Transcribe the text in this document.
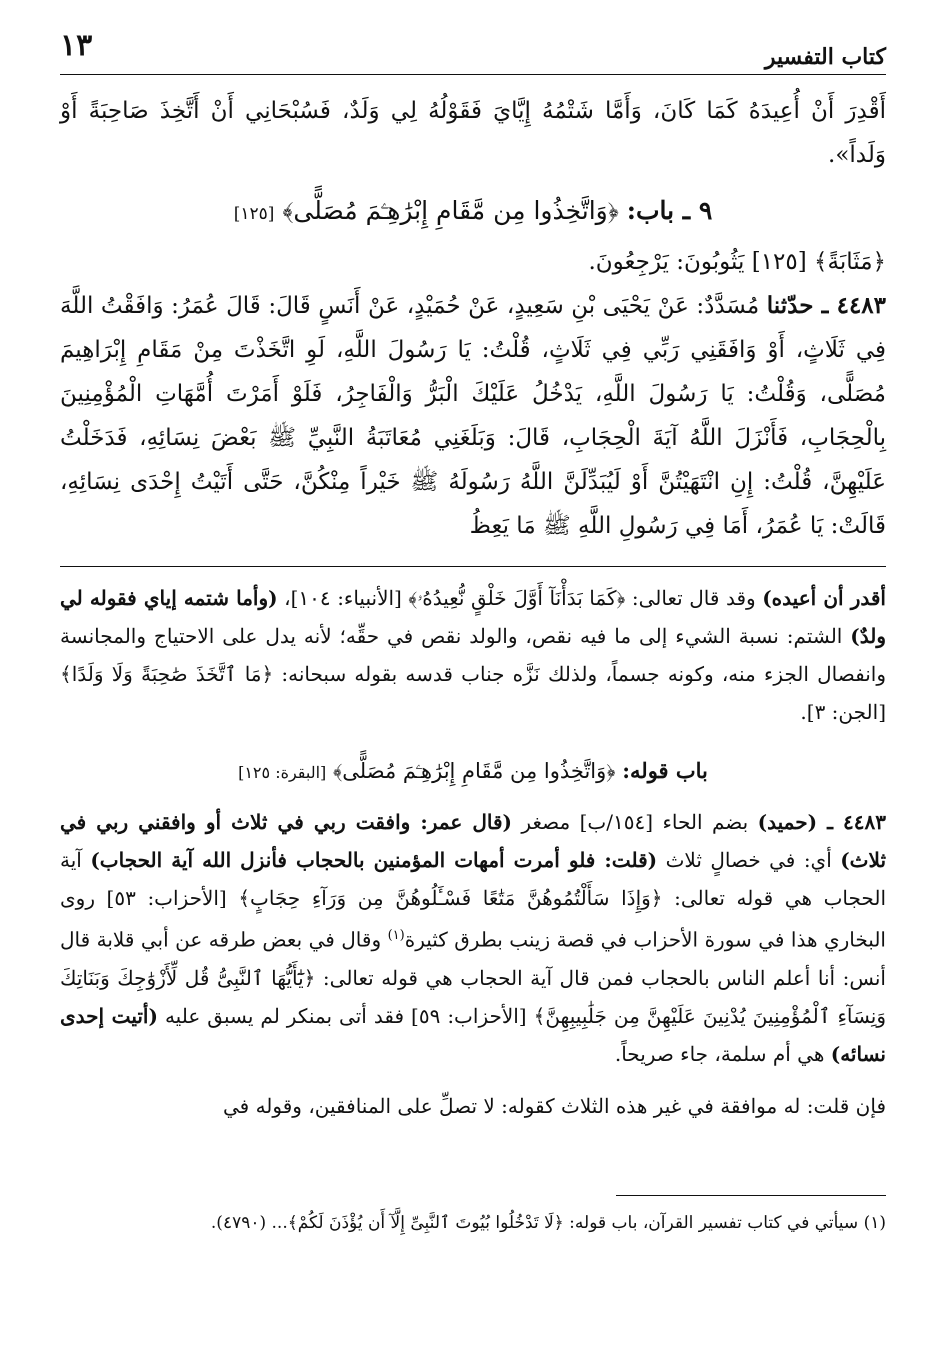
كتاب التفسير
١٣

أَقْدِرَ أَنْ أُعِيدَهُ كَمَا كَانَ، وَأَمَّا شَتْمُهُ إِيَّايَ فَقَوْلُهُ لِي وَلَدٌ، فَسُبْحَانِي أَنْ أَتَّخِذَ صَاحِبَةً أَوْ وَلَداً».

٩ ـ باب: ﴿وَاتَّخِذُوا مِن مَّقَامِ إِبْرَٰهِـۧمَ مُصَلًّى﴾ [١٢٥]

﴿مَثَابَةً﴾ [١٢٥] يَثُوبُونَ: يَرْجِعُونَ.

٤٤٨٣ ـ حدّثنا مُسَدَّدٌ: عَنْ يَحْيَى بْنِ سَعِيدٍ، عَنْ حُمَيْدٍ، عَنْ أَنَسٍ قَالَ: قَالَ عُمَرُ: وَافَقْتُ اللَّهَ فِي ثَلَاثٍ، أَوْ وَافَقَنِي رَبِّي فِي ثَلَاثٍ، قُلْتُ: يَا رَسُولَ اللَّهِ، لَوِ اتَّخَذْتَ مِنْ مَقَامِ إِبْرَاهِيمَ مُصَلًّى، وَقُلْتُ: يَا رَسُولَ اللَّهِ، يَدْخُلُ عَلَيْكَ الْبَرُّ وَالْفَاجِرُ، فَلَوْ أَمَرْتَ أُمَّهَاتِ الْمُؤْمِنِينَ بِالْحِجَابِ، فَأَنْزَلَ اللَّهُ آيَةَ الْحِجَابِ، قَالَ: وَبَلَغَنِي مُعَاتَبَةُ النَّبِيِّ ﷺ بَعْضَ نِسَائِهِ، فَدَخَلْتُ عَلَيْهِنَّ، قُلْتُ: إِنِ انْتَهَيْتُنَّ أَوْ لَيُبَدِّلَنَّ اللَّهُ رَسُولَهُ ﷺ خَيْراً مِنْكُنَّ، حَتَّى أَتَيْتُ إِحْدَى نِسَائِهِ، قَالَتْ: يَا عُمَرُ، أَمَا فِي رَسُولِ اللَّهِ ﷺ مَا يَعِظُ

أقدر أن أعيده) وقد قال تعالى: ﴿كَمَا بَدَأْنَآ أَوَّلَ خَلْقٍ نُّعِيدُهُۥ﴾ [الأنبياء: ١٠٤]، (وأما شتمه إياي فقوله لي ولدٌ) الشتم: نسبة الشيء إلى ما فيه نقص، والولد نقص في حقِّه؛ لأنه يدل على الاحتياج والمجانسة وانفصال الجزء منه، وكونه جسماً، ولذلك نَزَّه جناب قدسه بقوله سبحانه: ﴿مَا ٱتَّخَذَ صَٰحِبَةً وَلَا وَلَدًا﴾ [الجن: ٣].

باب قوله: ﴿وَاتَّخِذُوا مِن مَّقَامِ إِبْرَٰهِـۧمَ مُصَلًّى﴾ [البقرة: ١٢٥]

٤٤٨٣ ـ (حميد) بضم الحاء [١٥٤/ب] مصغر (قال عمر: وافقت ربي في ثلاث أو وافقني ربي في ثلاث) أي: في خصالٍ ثلاث (قلت: فلو أمرت أمهات المؤمنين بالحجاب فأنزل الله آية الحجاب) آية الحجاب هي قوله تعالى: ﴿وَإِذَا سَأَلْتُمُوهُنَّ مَتَٰعًا فَسْـَٔلُوهُنَّ مِن وَرَآءِ حِجَابٍ﴾ [الأحزاب: ٥٣] روى البخاري هذا في سورة الأحزاب في قصة زينب بطرق كثيرة$^{(١)}$ وقال في بعض طرقه عن أبي قلابة قال أنس: أنا أعلم الناس بالحجاب فمن قال آية الحجاب هي قوله تعالى: ﴿يَٰٓأَيُّهَا ٱلنَّبِىُّ قُل لِّأَزْوَٰجِكَ وَبَنَاتِكَ وَنِسَآءِ ٱلْمُؤْمِنِينَ يُدْنِينَ عَلَيْهِنَّ مِن جَلَٰبِيبِهِنَّ﴾ [الأحزاب: ٥٩] فقد أتى بمنكر لم يسبق عليه (أتيت إحدى نسائه) هي أم سلمة، جاء صريحاً.

فإن قلت: له موافقة في غير هذه الثلاث كقوله: لا تصلِّ على المنافقين، وقوله في

(١) سيأتي في كتاب تفسير القرآن، باب قوله: ﴿لَا تَدْخُلُوا بُيُوتَ ٱلنَّبِىِّ إِلَّآ أَن يُؤْذَنَ لَكُمْ﴾... (٤٧٩٠).
